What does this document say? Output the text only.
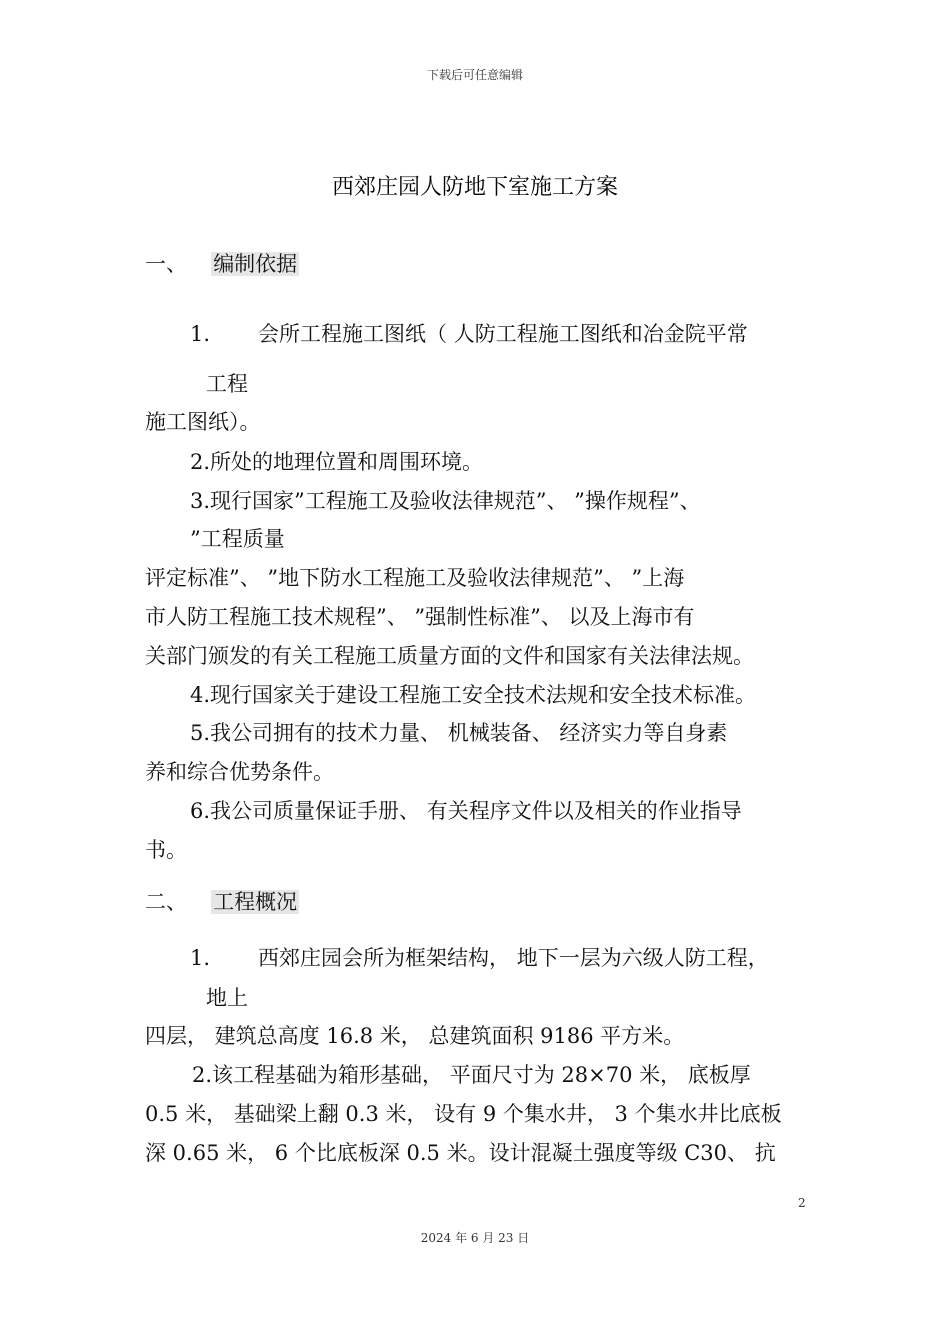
下载后可任意编辑
西郊庄园人防地下室施工方案
一、 编制依据
1. 会所工程施工图纸（ 人防工程施工图纸和冶金院平常
工程
施工图纸）。
2.所处的地理位置和周围环境。
3.现行国家”工程施工及验收法律规范”、 ”操作规程”、
”工程质量
评定标准”、 ”地下防水工程施工及验收法律规范”、 ”上海
市人防工程施工技术规程”、 ”强制性标准”、 以及上海市有
关部门颁发的有关工程施工质量方面的文件和国家有关法律法规。
4.现行国家关于建设工程施工安全技术法规和安全技术标准。
5.我公司拥有的技术力量、 机械装备、 经济实力等自身素
养和综合优势条件。
6.我公司质量保证手册、 有关程序文件以及相关的作业指导
书。
二、 工程概况
1. 西郊庄园会所为框架结构， 地下一层为六级人防工程，
地上
四层， 建筑总高度 16.8 米， 总建筑面积 9186 平方米。
2.该工程基础为箱形基础， 平面尺寸为 28×70 米， 底板厚
0.5 米， 基础梁上翻 0.3 米， 设有 9 个集水井， 3 个集水井比底板
深 0.65 米， 6 个比底板深 0.5 米。设计混凝土强度等级 C30、 抗
2
2024 年 6 月 23 日
